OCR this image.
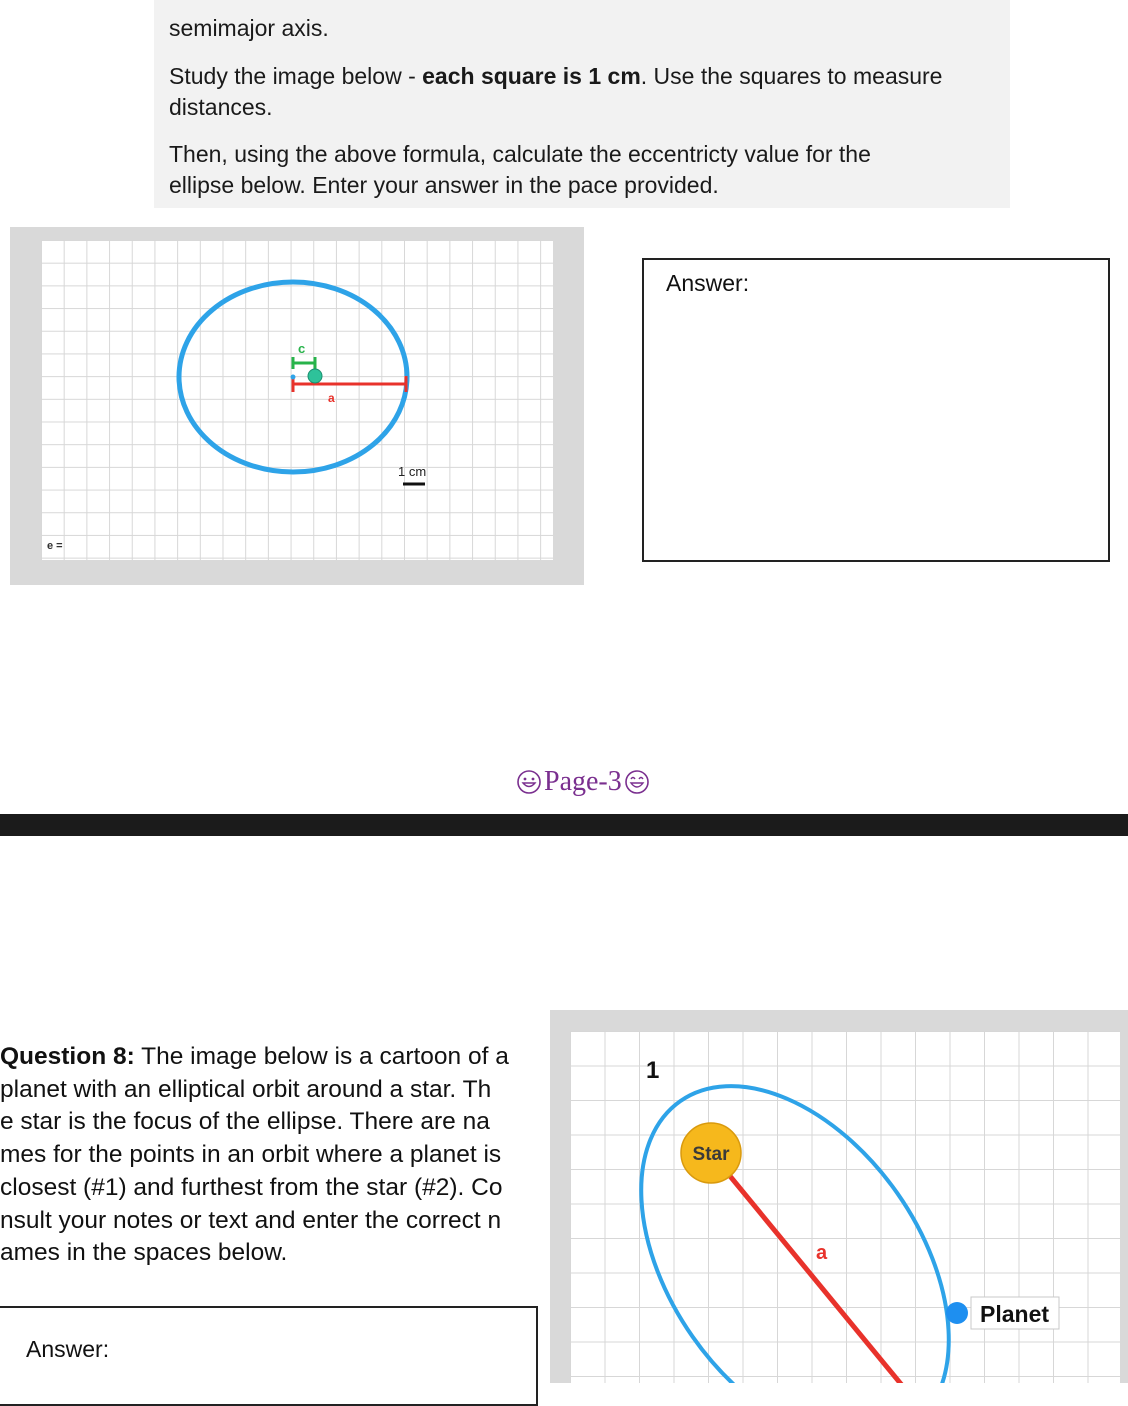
semimajor axis.
Study the image below - each square is 1 cm. Use the squares to measure distances.
Then, using the above formula, calculate the eccentricty value for the ellipse below. Enter your answer in the pace provided.
c
a
1 cm
e =
Answer:
Page-3
Question 8: The image below is a cartoon of a
planet with an elliptical orbit around a star. Th
e star is the focus of the ellipse. There are na
mes for the points in an orbit where a planet is
closest (#1) and furthest from the star (#2). Co
nsult your notes or text and enter the correct n
ames in the spaces below.
Answer:
Star
1
a
Planet
